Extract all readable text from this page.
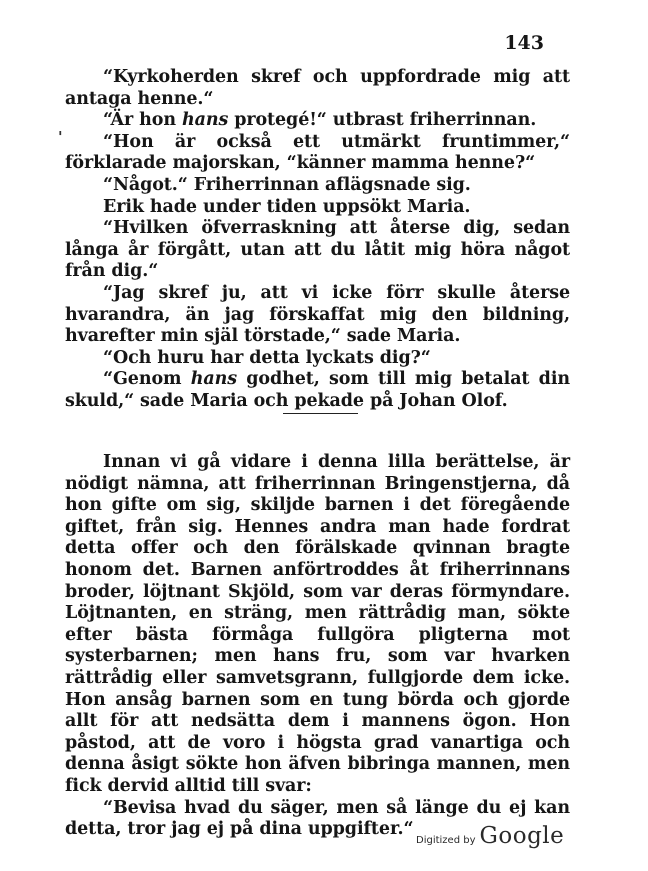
143

“Kyrkoherden skref och uppfordrade mig att antaga henne.“

“Är hon hans protegé!“ utbrast friherrinnan.

“Hon är också ett utmärkt fruntimmer,“ förklarade majorskan, “känner mamma henne?“

“Något.“ Friherrinnan aflägsnade sig.

Erik hade under tiden uppsökt Maria.

“Hvilken öfverraskning att återse dig, sedan långa år förgått, utan att du låtit mig höra något från dig.“

“Jag skref ju, att vi icke förr skulle återse hvarandra, än jag förskaffat mig den bildning, hvarefter min själ törstade,“ sade Maria.

“Och huru har detta lyckats dig?“

“Genom hans godhet, som till mig betalat din skuld,“ sade Maria och pekade på Johan Olof.

Innan vi gå vidare i denna lilla berättelse, är nödigt nämna, att friherrinnan Bringenstjerna, då hon gifte om sig, skiljde barnen i det föregående giftet, från sig. Hennes andra man hade fordrat detta offer och den förälskade qvinnan bragte honom det. Barnen anförtroddes åt friherrinnans broder, löjtnant Skjöld, som var deras förmyndare. Löjtnanten, en sträng, men rättrådig man, sökte efter bästa förmåga fullgöra pligterna mot systerbarnen; men hans fru, som var hvarken rättrådig eller samvetsgrann, fullgjorde dem icke. Hon ansåg barnen som en tung börda och gjorde allt för att nedsätta dem i mannens ögon. Hon påstod, att de voro i högsta grad vanartiga och denna åsigt sökte hon äfven bibringa mannen, men fick dervid alltid till svar:

“Bevisa hvad du säger, men så länge du ej kan detta, tror jag ej på dina uppgifter.“

'
Digitized by Google
